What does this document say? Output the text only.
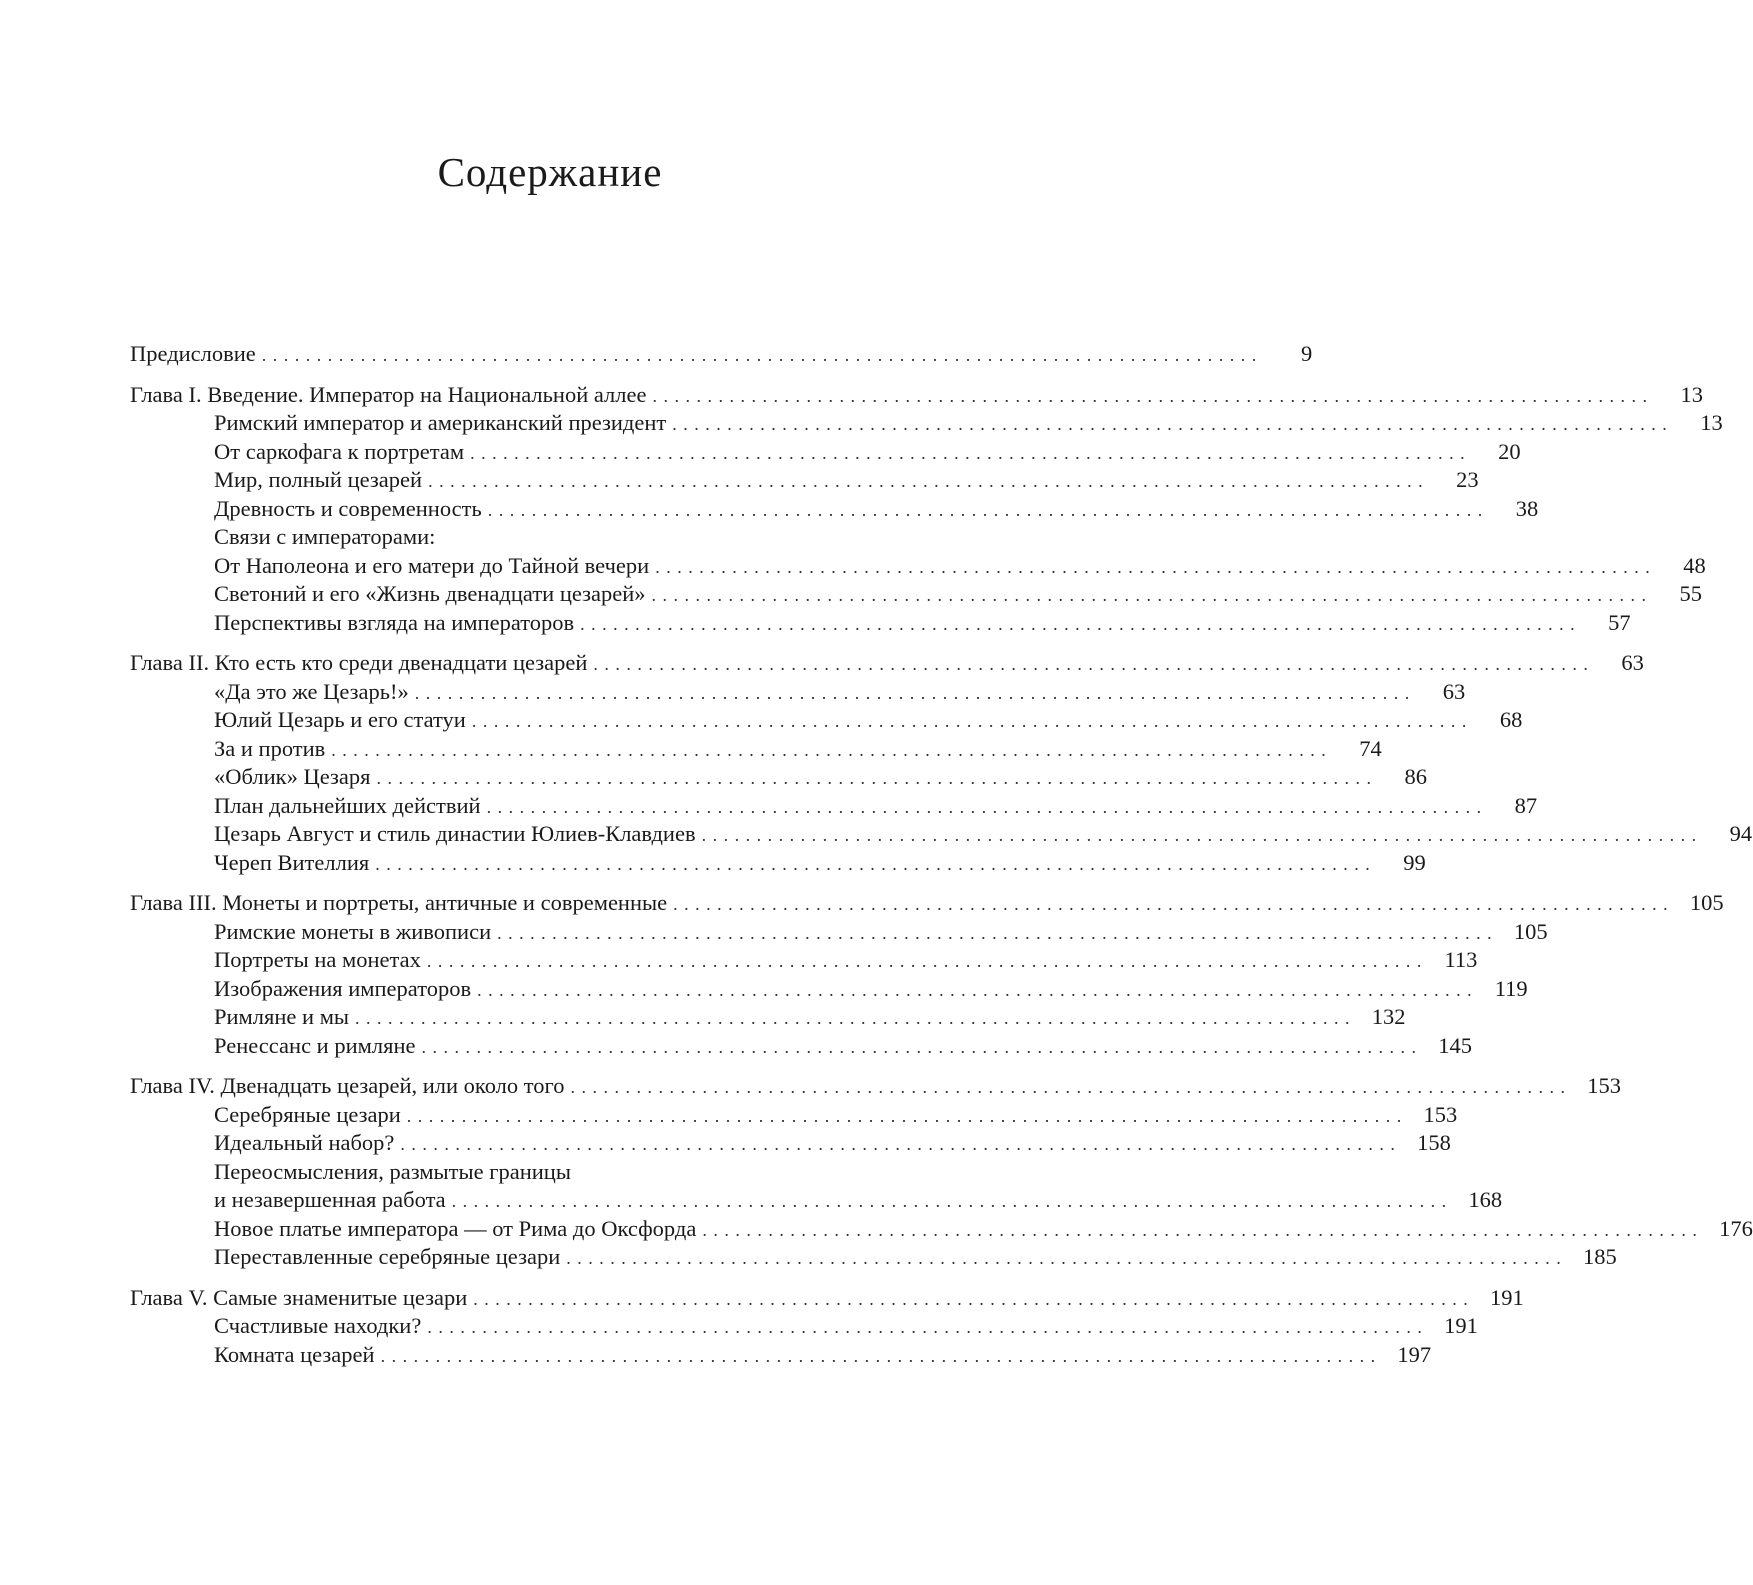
Содержание
Предисловие . . .	9
Глава I. Введение. Император на Национальной аллее . . .	13
Римский император и американский президент . . .	13
От саркофага к портретам . . .	20
Мир, полный цезарей . . .	23
Древность и современность . . .	38
Связи с императорами:
От Наполеона и его матери до Тайной вечери . . .	48
Светоний и его «Жизнь двенадцати цезарей» . . .	55
Перспективы взгляда на императоров . . .	57
Глава II. Кто есть кто среди двенадцати цезарей . . .	63
«Да это же Цезарь!» . . .	63
Юлий Цезарь и его статуи . . .	68
За и против . . .	74
«Облик» Цезаря . . .	86
План дальнейших действий . . .	87
Цезарь Август и стиль династии Юлиев-Клавдиев . . .	94
Череп Вителлия . . .	99
Глава III. Монеты и портреты, античные и современные . . .	105
Римские монеты в живописи . . .	105
Портреты на монетах . . .	113
Изображения императоров . . .	119
Римляне и мы . . .	132
Ренессанс и римляне . . .	145
Глава IV. Двенадцать цезарей, или около того . . .	153
Серебряные цезари . . .	153
Идеальный набор? . . .	158
Переосмысления, размытые границы
и незавершенная работа . . .	168
Новое платье императора — от Рима до Оксфорда . . .	176
Переставленные серебряные цезари . . .	185
Глава V. Самые знаменитые цезари . . .	191
Счастливые находки? . . .	191
Комната цезарей . . .	197
